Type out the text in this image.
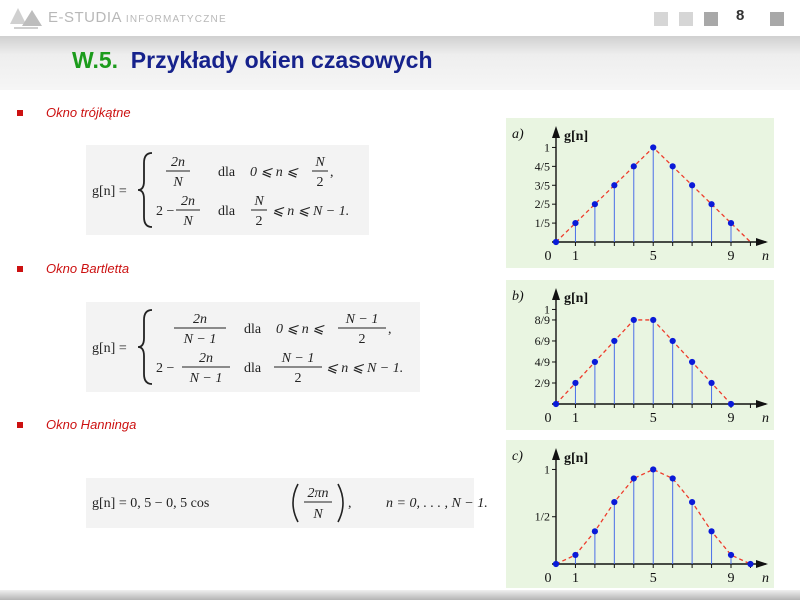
E-STUDIA INFORMATYCZNE	8
W.5. Przykłady okien czasowych
Okno trójkątne
Okno Bartletta
Okno Hanninga
g[n] =
2n
N
dla 0 ⩽ n ⩽
N
2
,
2 −
2n
N
dla
N
2
⩽ n ⩽ N − 1.
g[n] =
2n
N − 1
dla 0 ⩽ n ⩽
N − 1
2
,
2 −
2n
N − 1
dla
N − 1
2
⩽ n ⩽ N − 1.
g[n] = 0, 5 − 0, 5 cos
2πn
N
, n = 0, . . . , N − 1.
a)	g[n]
n
1/5
2/5
3/5
4/5
1
0 1	5	9
b)	g[n]
n
2/9
4/9
6/9
8/9
1
0 1	5	9
c)	g[n]
n
1/2
1
0 1	5	9
